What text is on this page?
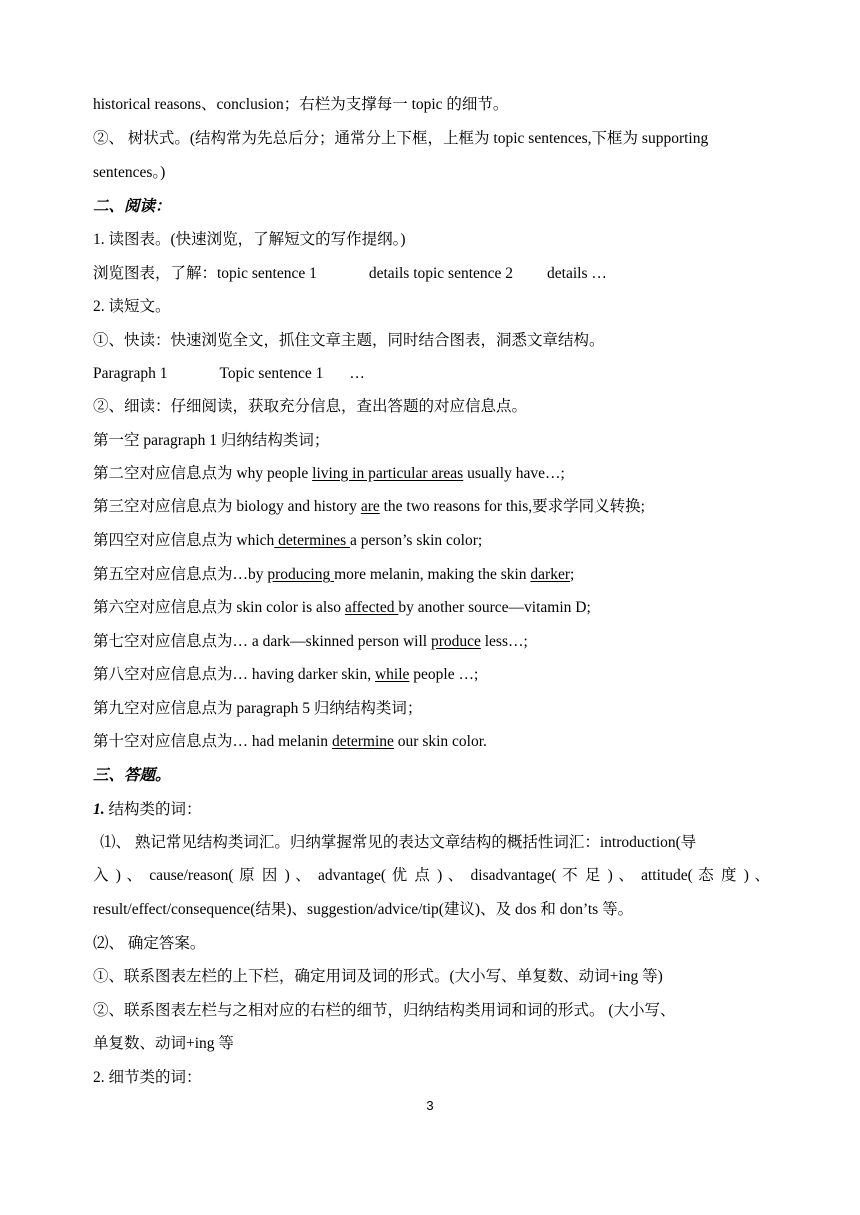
historical reasons、conclusion；右栏为支撑每一 topic 的细节。
②、 树状式。(结构常为先总后分；通常分上下框，上框为 topic sentences,下框为 supporting
sentences。)
二、阅读：
1. 读图表。(快速浏览，了解短文的写作提纲。)
浏览图表，了解：topic sentence 1	details topic sentence 2 details …
2. 读短文。
①、快读：快速浏览全文，抓住文章主题，同时结合图表，洞悉文章结构。
Paragraph 1	Topic sentence 1 …
②、细读：仔细阅读，获取充分信息，查出答题的对应信息点。
第一空 paragraph 1 归纳结构类词；
第二空对应信息点为 why people living in particular areas usually have…;
第三空对应信息点为 biology and history are the two reasons for this,要求学同义转换;
第四空对应信息点为 which determines a person’s skin color;
第五空对应信息点为…by producing more melanin, making the skin darker;
第六空对应信息点为 skin color is also affected by another source—vitamin D;
第七空对应信息点为… a dark—skinned person will produce less…;
第八空对应信息点为… having darker skin, while people …;
第九空对应信息点为 paragraph 5 归纳结构类词；
第十空对应信息点为… had melanin determine our skin color.
三、答题。
1. 结构类的词：
⑴、 熟记常见结构类词汇。归纳掌握常见的表达文章结构的概括性词汇：introduction(导
入 ) 、 cause/reason( 原 因 ) 、 advantage( 优 点 ) 、 disadvantage( 不 足 ) 、 attitude( 态 度 ) 、
result/effect/consequence(结果)、suggestion/advice/tip(建议)、及 dos 和 don’ts 等。
⑵、 确定答案。
①、联系图表左栏的上下栏，确定用词及词的形式。(大小写、单复数、动词+ing 等)
②、联系图表左栏与之相对应的右栏的细节，归纳结构类用词和词的形式。 (大小写、
单复数、动词+ing 等
2. 细节类的词：
3
